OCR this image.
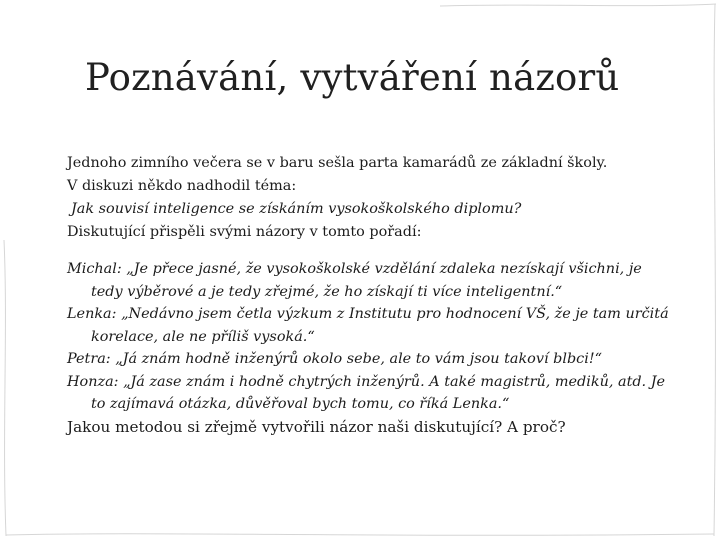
Poznávání, vytváření názorů

Jednoho zimního večera se v baru sešla parta kamarádů ze základní školy.

V diskuzi někdo nadhodil téma:

Jak souvisí inteligence se získáním vysokoškolského diplomu?

Diskutující přispěli svými názory v tomto pořadí:

Michal: „Je přece jasné, že vysokoškolské vzdělání zdaleka nezískají všichni, je tedy výběrové a je tedy zřejmé, že ho získají ti více inteligentní.“

Lenka: „Nedávno jsem četla výzkum z Institutu pro hodnocení VŠ, že je tam určitá korelace, ale ne příliš vysoká.“

Petra: „Já znám hodně inženýrů okolo sebe, ale to vám jsou takoví blbci!“

Honza: „Já zase znám i hodně chytrých inženýrů. A také magistrů, mediků, atd. Je to zajímavá otázka, důvěřoval bych tomu, co říká Lenka.“

Jakou metodou si zřejmě vytvořili názor naši diskutující? A proč?
